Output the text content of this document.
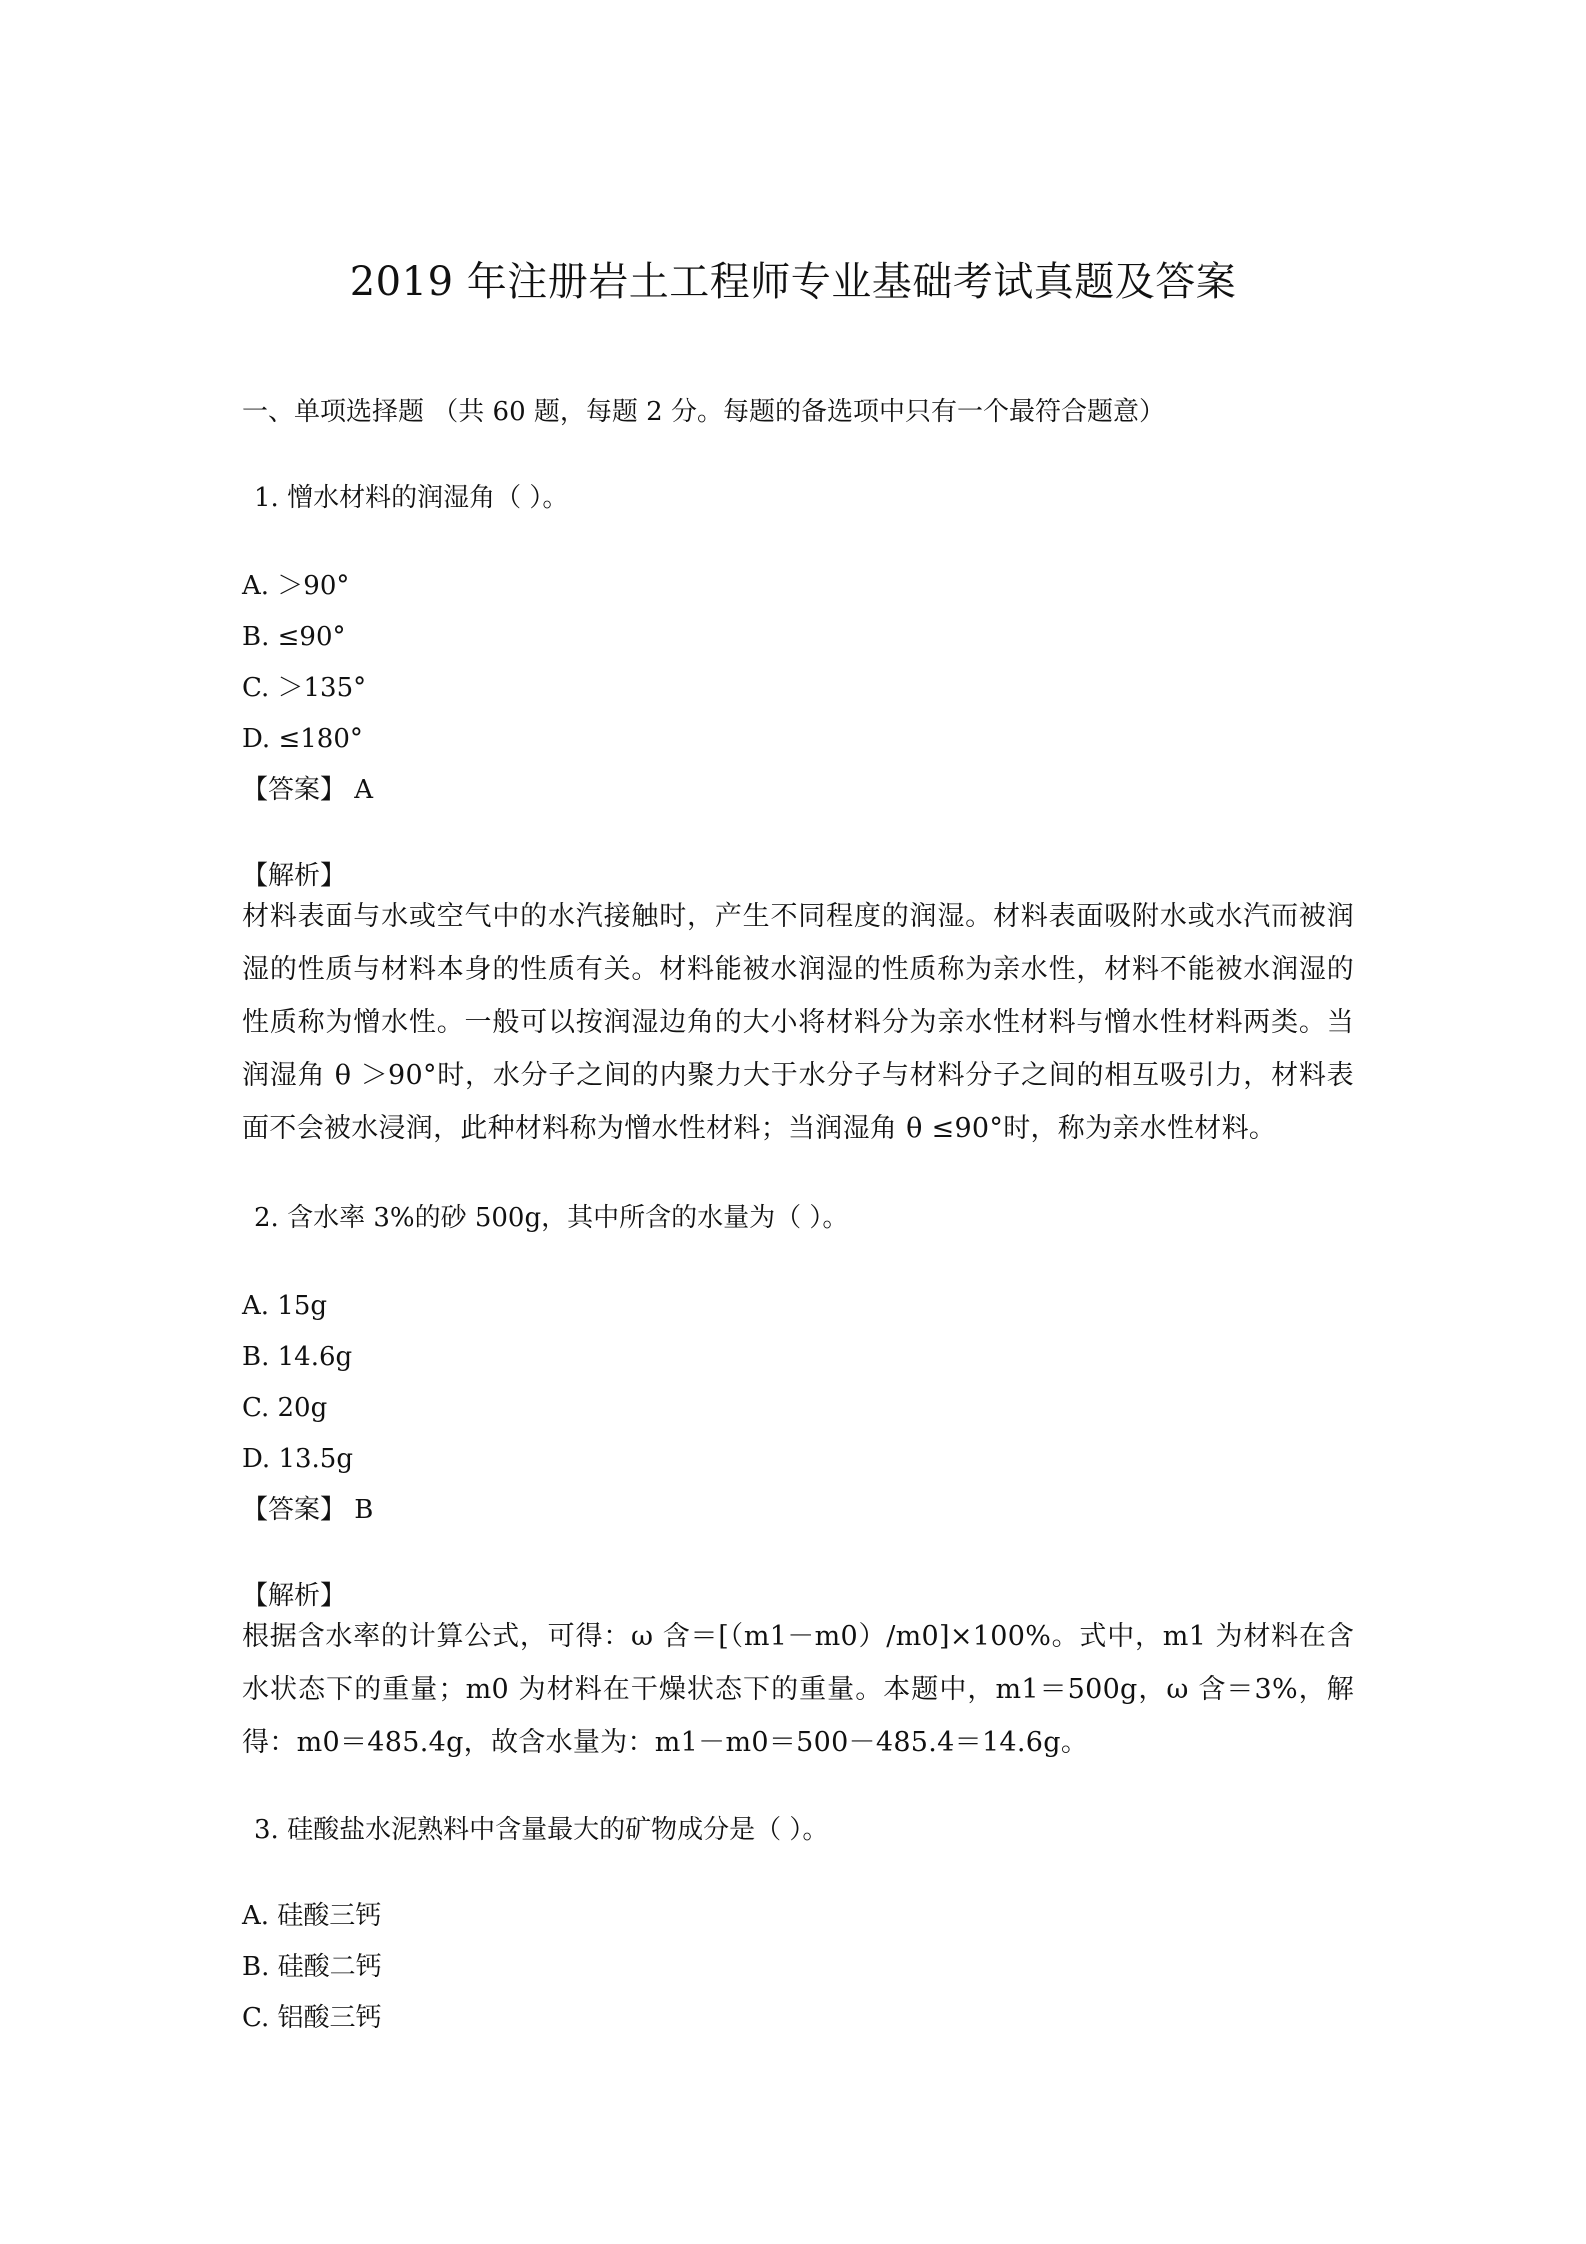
2019 年注册岩土工程师专业基础考试真题及答案
一、单项选择题 （共 60 题，每题 2 分。每题的备选项中只有一个最符合题意）
1. 憎水材料的润湿角（ ）。
A. ＞90°
B. ≤90°
C. ＞135°
D. ≤180°
【答案】 A
【解析】
材料表面与水或空气中的水汽接触时，产生不同程度的润湿。材料表面吸附水或水汽而被润湿的性质与材料本身的性质有关。材料能被水润湿的性质称为亲水性，材料不能被水润湿的性质称为憎水性。一般可以按润湿边角的大小将材料分为亲水性材料与憎水性材料两类。当润湿角 θ ＞90°时，水分子之间的内聚力大于水分子与材料分子之间的相互吸引力，材料表面不会被水浸润，此种材料称为憎水性材料；当润湿角 θ ≤90°时，称为亲水性材料。
2. 含水率 3%的砂 500g，其中所含的水量为（ ）。
A. 15g
B. 14.6g
C. 20g
D. 13.5g
【答案】 B
【解析】
根据含水率的计算公式，可得：ω 含＝[（m1－m0）/m0]×100%。式中，m1 为材料在含水状态下的重量；m0 为材料在干燥状态下的重量。本题中，m1＝500g，ω 含＝3%，解得：m0＝485.4g，故含水量为：m1－m0＝500－485.4＝14.6g。
3. 硅酸盐水泥熟料中含量最大的矿物成分是（ ）。
A. 硅酸三钙
B. 硅酸二钙
C. 铝酸三钙
